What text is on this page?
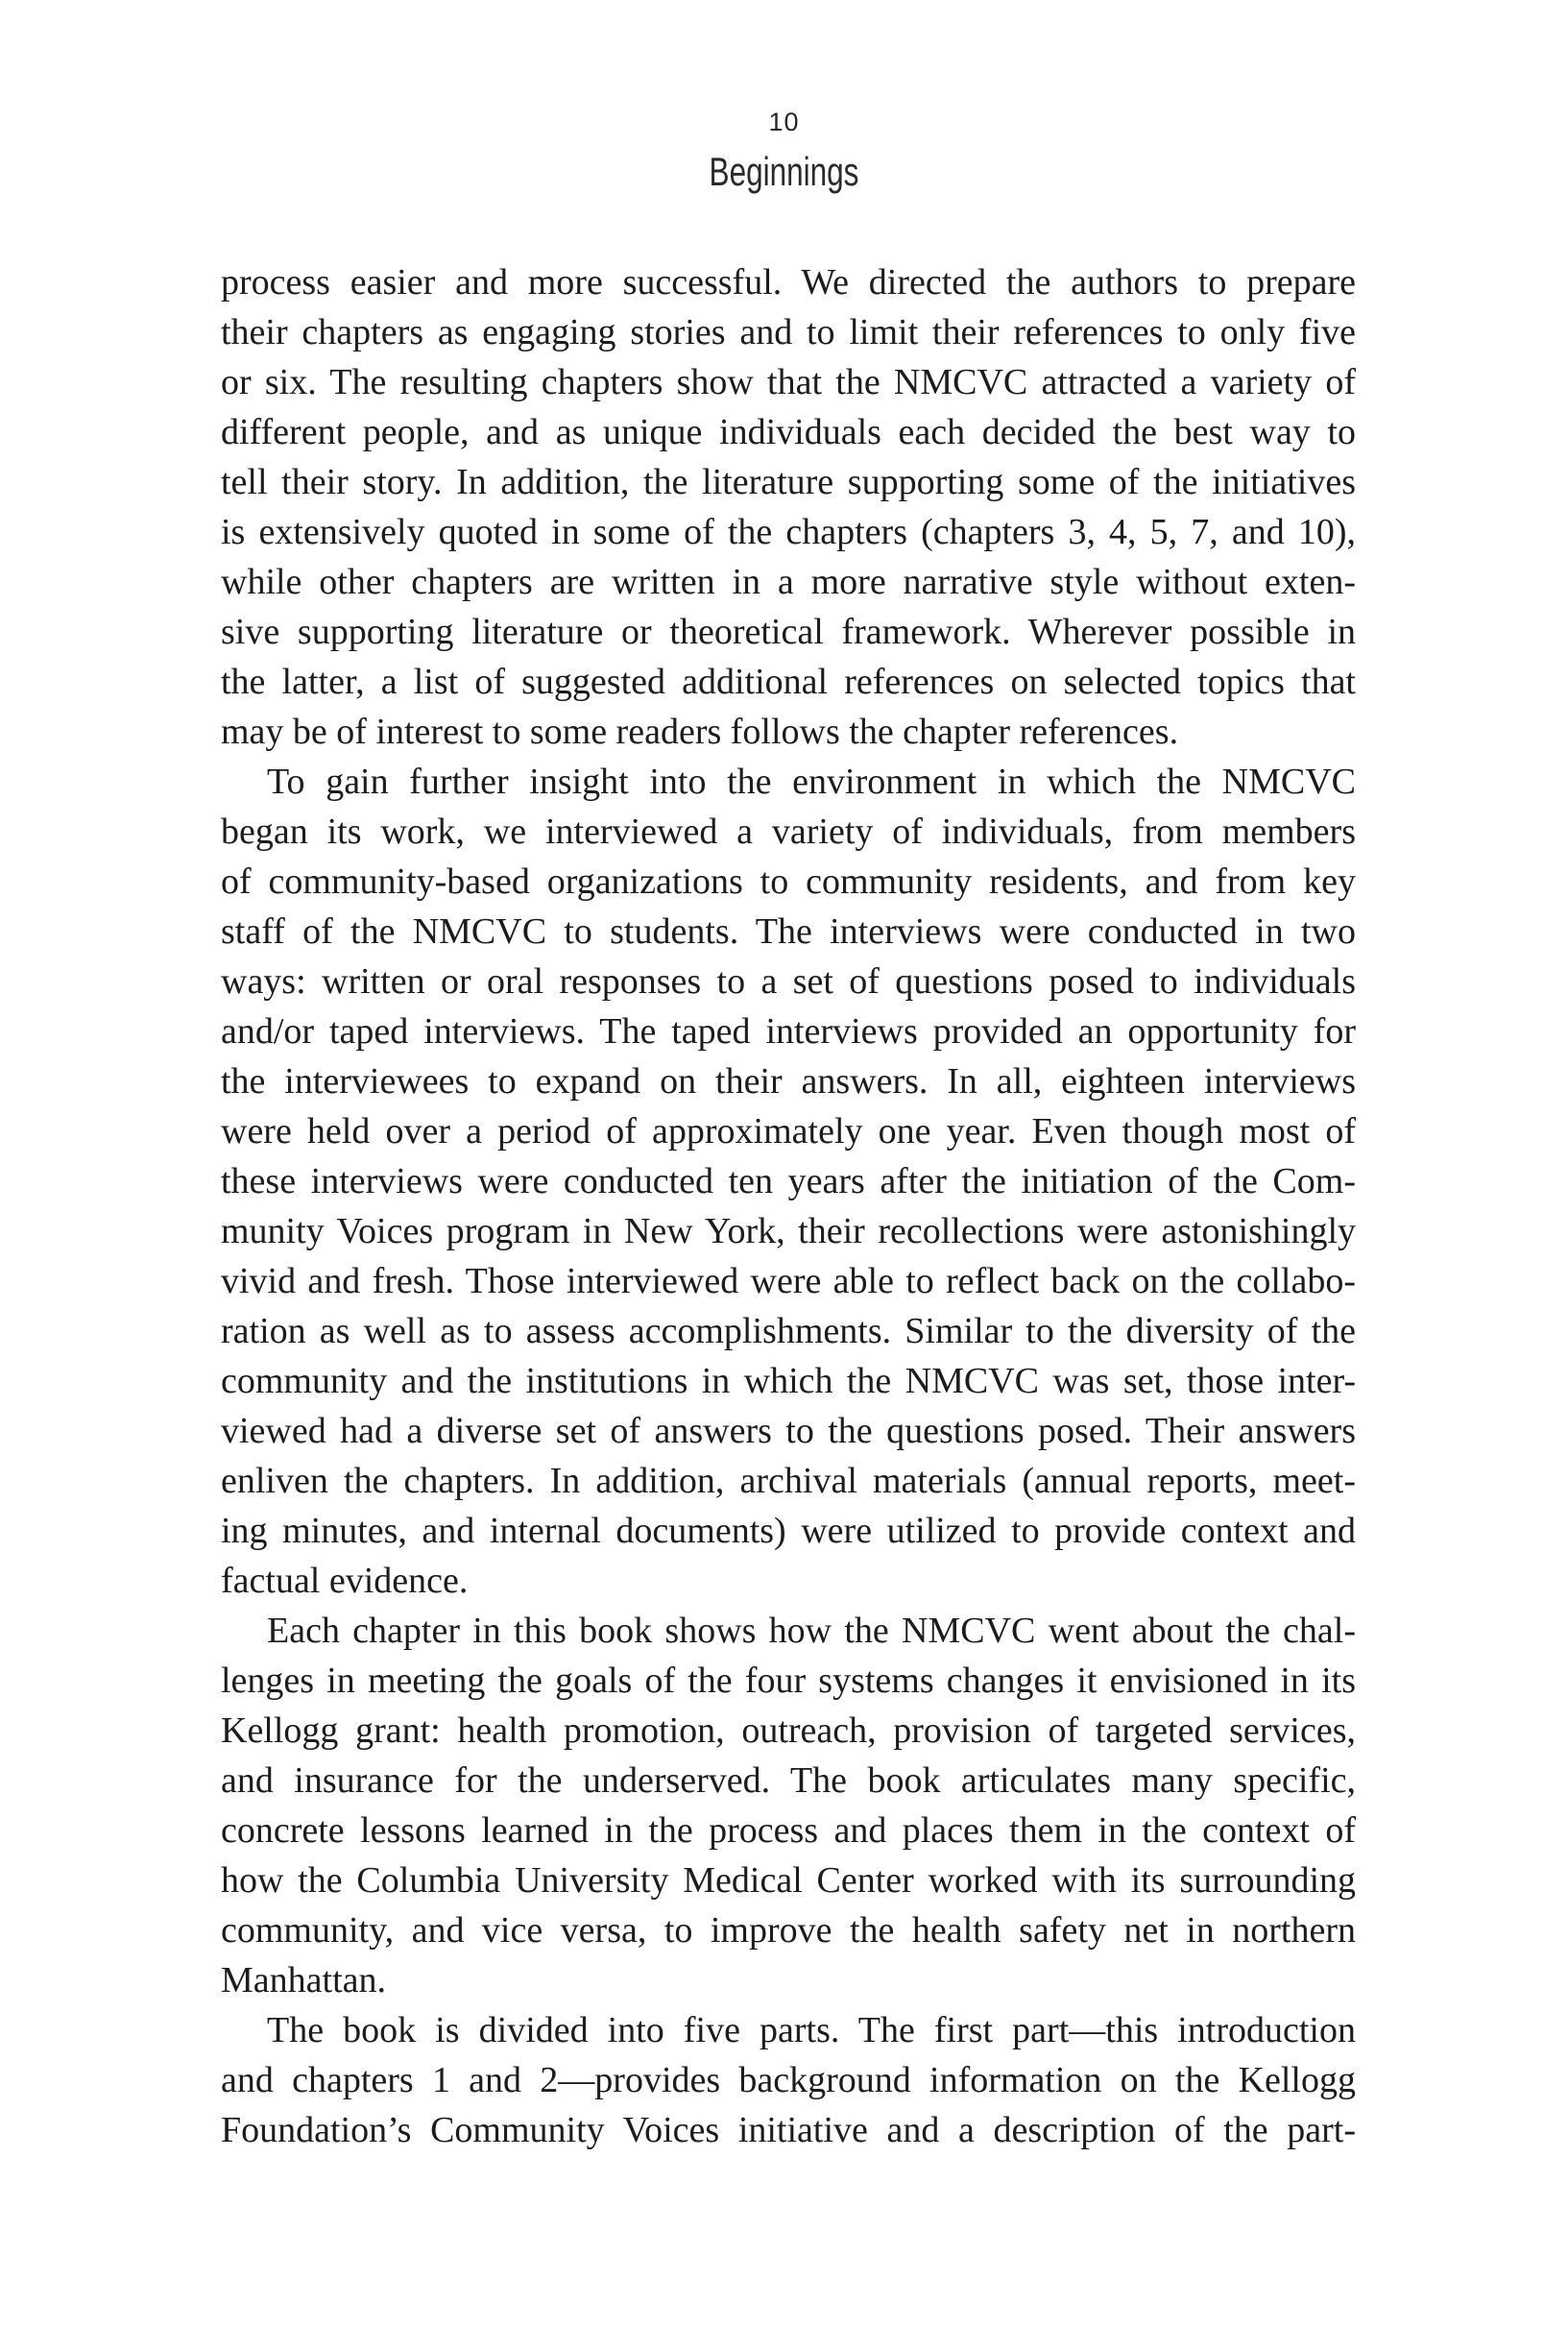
10
Beginnings
process easier and more successful. We directed the authors to prepare
their chapters as engaging stories and to limit their references to only five
or six. The resulting chapters show that the NMCVC attracted a variety of
different people, and as unique individuals each decided the best way to
tell their story. In addition, the literature supporting some of the initiatives
is extensively quoted in some of the chapters (chapters 3, 4, 5, 7, and 10),
while other chapters are written in a more narrative style without exten-
sive supporting literature or theoretical framework. Wherever possible in
the latter, a list of suggested additional references on selected topics that
may be of interest to some readers follows the chapter references.
To gain further insight into the environment in which the NMCVC
began its work, we interviewed a variety of individuals, from members
of community-based organizations to community residents, and from key
staff of the NMCVC to students. The interviews were conducted in two
ways: written or oral responses to a set of questions posed to individuals
and/or taped interviews. The taped interviews provided an opportunity for
the interviewees to expand on their answers. In all, eighteen interviews
were held over a period of approximately one year. Even though most of
these interviews were conducted ten years after the initiation of the Com-
munity Voices program in New York, their recollections were astonishingly
vivid and fresh. Those interviewed were able to reflect back on the collabo-
ration as well as to assess accomplishments. Similar to the diversity of the
community and the institutions in which the NMCVC was set, those inter-
viewed had a diverse set of answers to the questions posed. Their answers
enliven the chapters. In addition, archival materials (annual reports, meet-
ing minutes, and internal documents) were utilized to provide context and
factual evidence.
Each chapter in this book shows how the NMCVC went about the chal-
lenges in meeting the goals of the four systems changes it envisioned in its
Kellogg grant: health promotion, outreach, provision of targeted services,
and insurance for the underserved. The book articulates many specific,
concrete lessons learned in the process and places them in the context of
how the Columbia University Medical Center worked with its surrounding
community, and vice versa, to improve the health safety net in northern
Manhattan.
The book is divided into five parts. The first part—this introduction
and chapters 1 and 2—provides background information on the Kellogg
Foundation’s Community Voices initiative and a description of the part-
